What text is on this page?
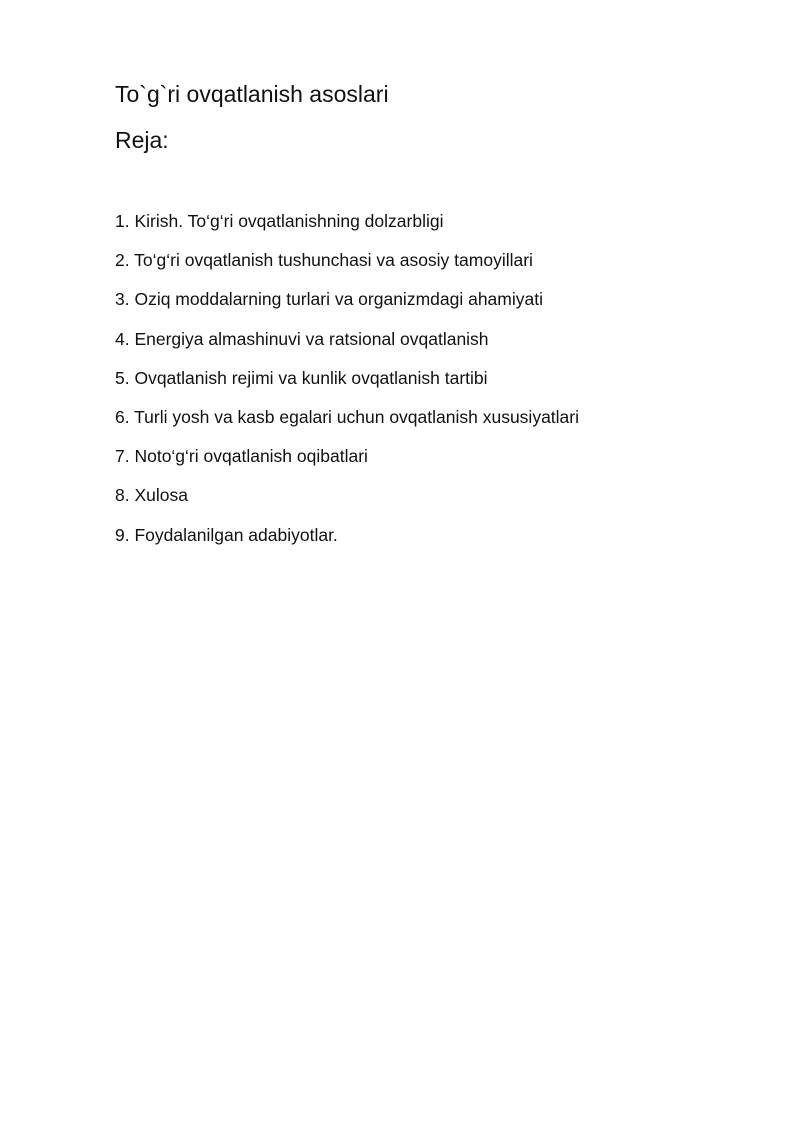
To`g`ri ovqatlanish asoslari
Reja:
1. Kirish. To‘g‘ri ovqatlanishning dolzarbligi
2. To‘g‘ri ovqatlanish tushunchasi va asosiy tamoyillari
3. Oziq moddalarning turlari va organizmdagi ahamiyati
4. Energiya almashinuvi va ratsional ovqatlanish
5. Ovqatlanish rejimi va kunlik ovqatlanish tartibi
6. Turli yosh va kasb egalari uchun ovqatlanish xususiyatlari
7. Noto‘g‘ri ovqatlanish oqibatlari
8. Xulosa
9. Foydalanilgan adabiyotlar.
